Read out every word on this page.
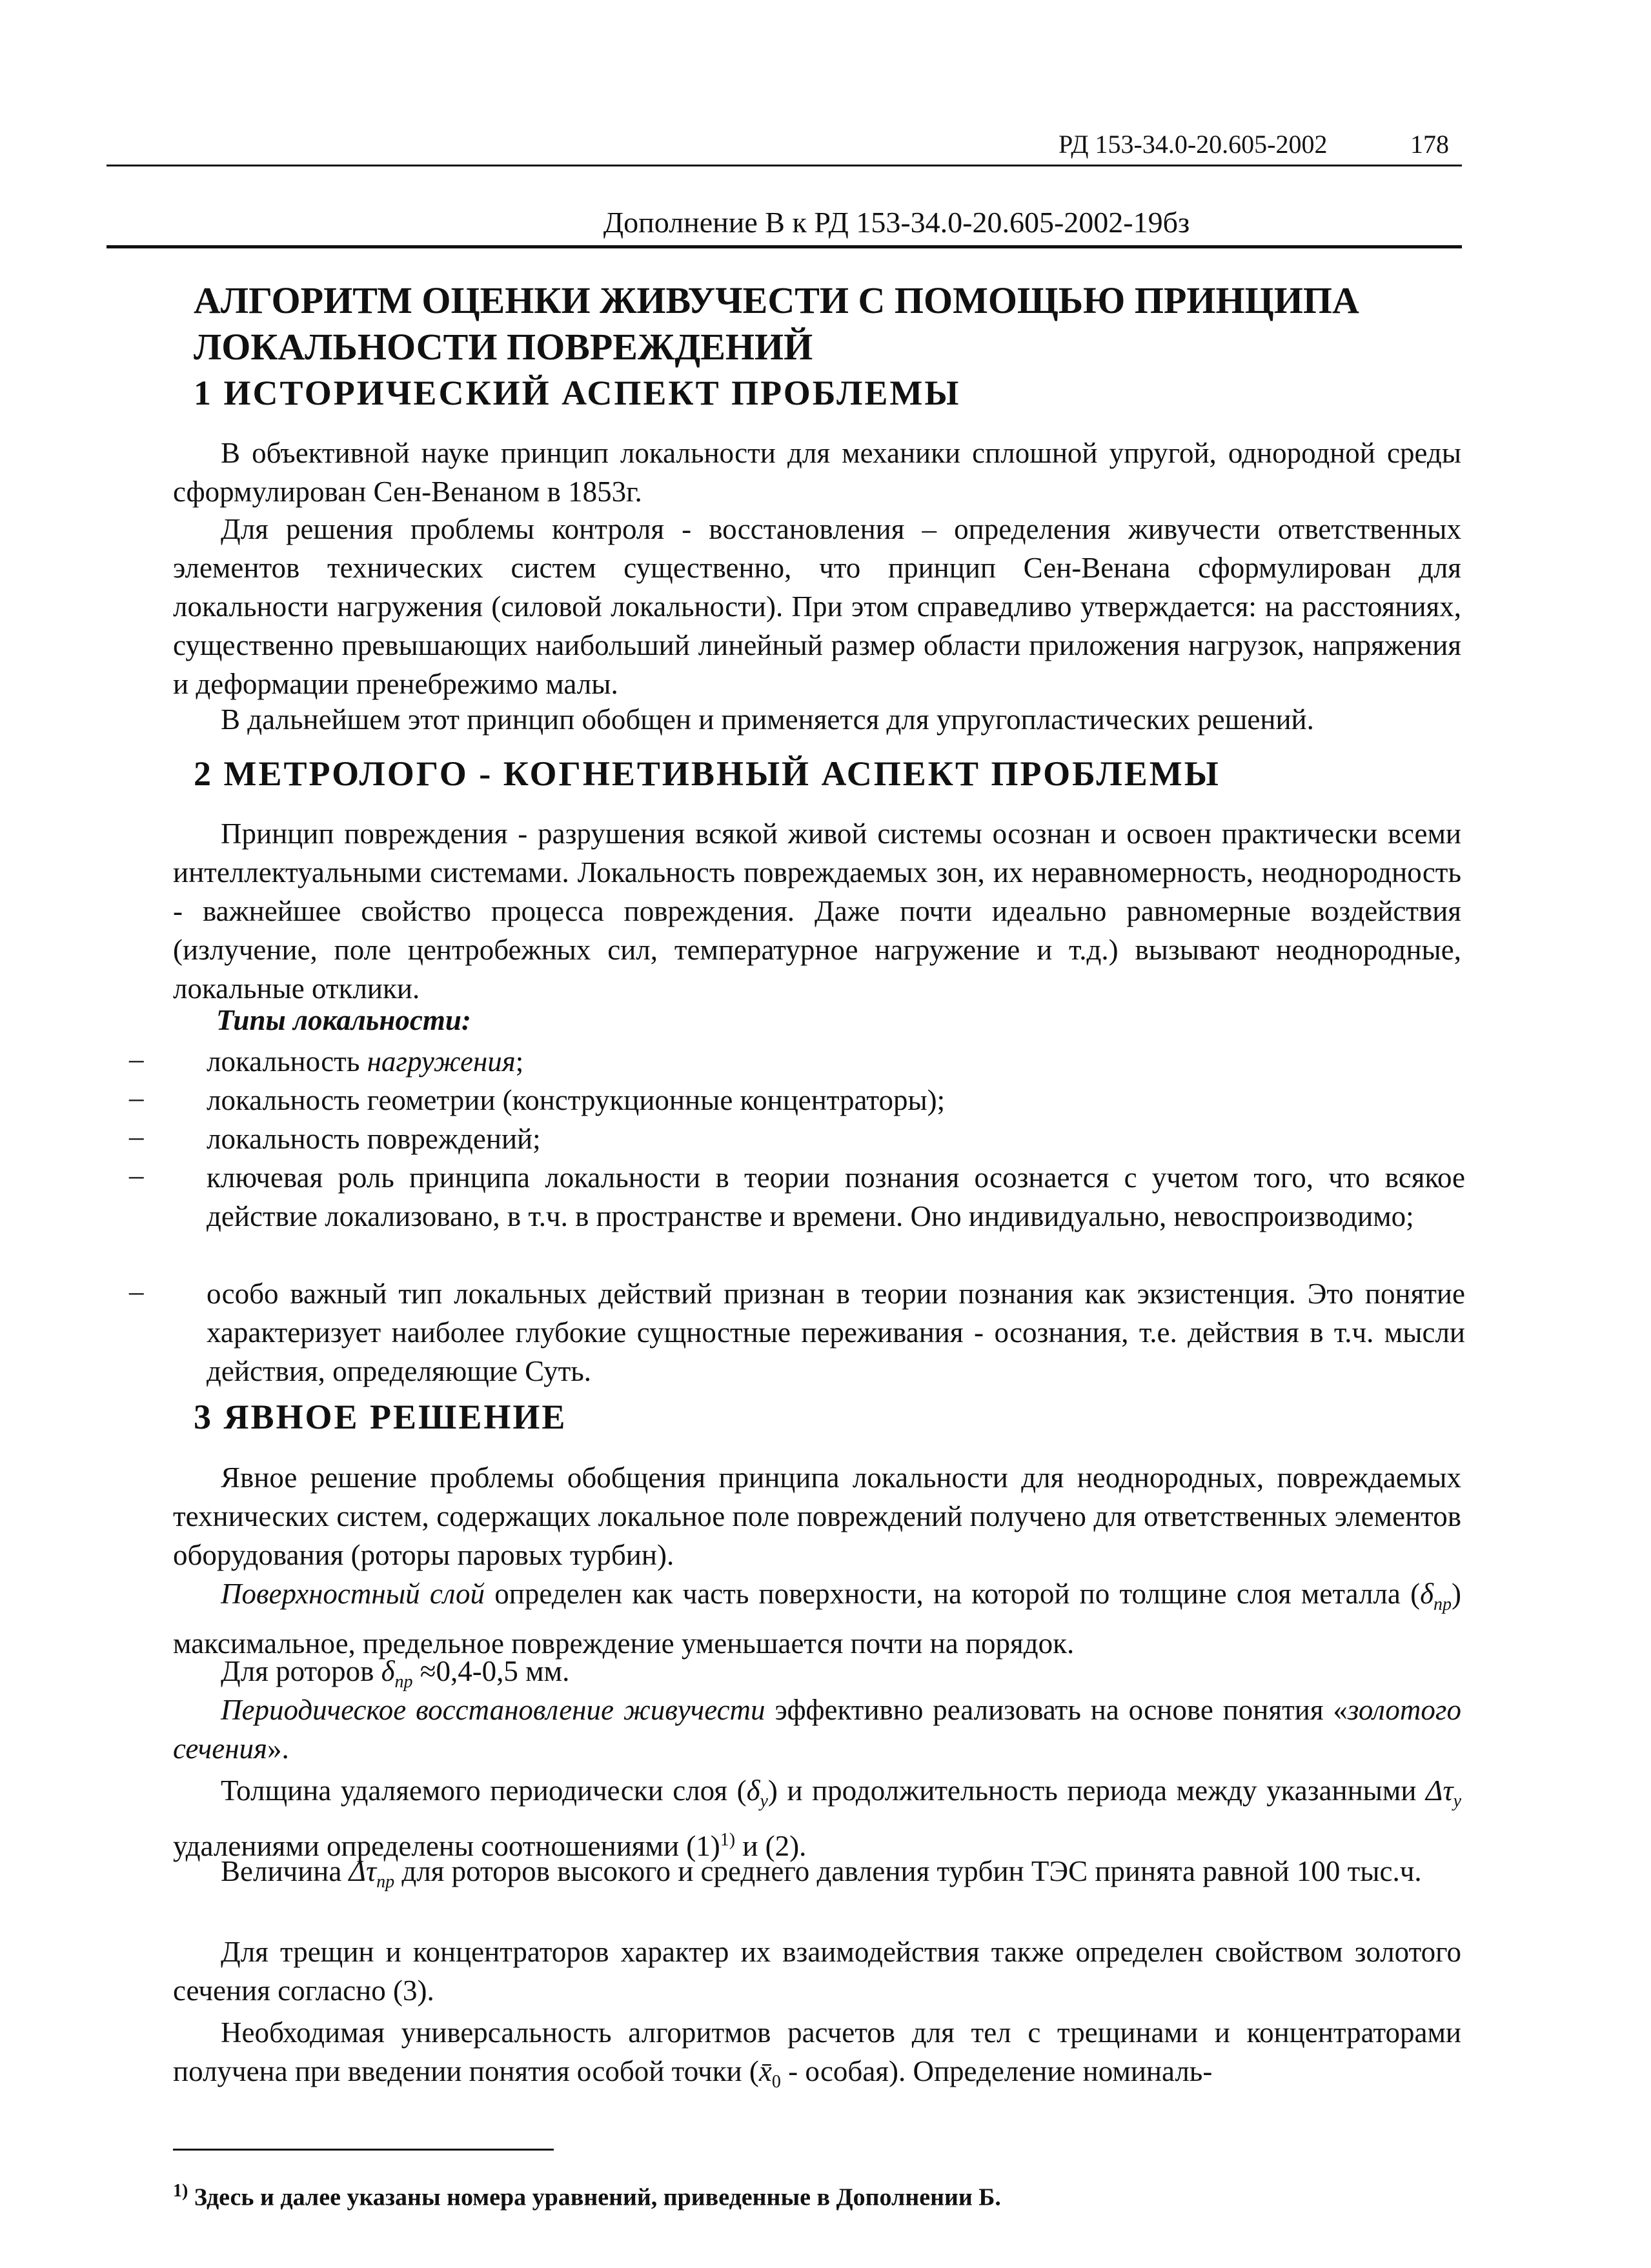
РД 153-34.0-20.605-2002	178
Дополнение В к РД 153-34.0-20.605-2002-19бз
АЛГОРИТМ ОЦЕНКИ ЖИВУЧЕСТИ С ПОМОЩЬЮ ПРИНЦИПА ЛОКАЛЬНОСТИ ПОВРЕЖДЕНИЙ
1 ИСТОРИЧЕСКИЙ АСПЕКТ ПРОБЛЕМЫ

В объективной науке принцип локальности для механики сплошной упругой, однородной среды сформулирован Сен-Венаном в 1853г.

Для решения проблемы контроля - восстановления – определения живучести ответственных элементов технических систем существенно, что принцип Сен-Венана сформулирован для локальности нагружения (силовой локальности). При этом справедливо утверждается: на расстояниях, существенно превышающих наибольший линейный размер области приложения нагрузок, напряжения и деформации пренебрежимо малы.

В дальнейшем этот принцип обобщен и применяется для упругопластических решений.

2 МЕТРОЛОГО - КОГНЕТИВНЫЙ АСПЕКТ ПРОБЛЕМЫ

Принцип повреждения - разрушения всякой живой системы осознан и освоен практически всеми интеллектуальными системами. Локальность повреждаемых зон, их неравномерность, неоднородность - важнейшее свойство процесса повреждения. Даже почти идеально равномерные воздействия (излучение, поле центробежных сил, температурное нагружение и т.д.) вызывают неоднородные, локальные отклики.

Типы локальности:
– локальность нагружения;

– локальность геометрии (конструкционные концентраторы);

– локальность повреждений;

– ключевая роль принципа локальности в теории познания осознается с учетом того, что всякое действие локализовано, в т.ч. в пространстве и времени. Оно индивидуально, невоспроизводимо;

– особо важный тип локальных действий признан в теории познания как экзистенция. Это понятие характеризует наиболее глубокие сущностные переживания - осознания, т.е. действия в т.ч. мысли действия, определяющие Суть.

3 ЯВНОЕ РЕШЕНИЕ

Явное решение проблемы обобщения принципа локальности для неоднородных, повреждаемых технических систем, содержащих локальное поле повреждений получено для ответственных элементов оборудования (роторы паровых турбин).

Поверхностный слой определен как часть поверхности, на которой по толщине слоя металла $(\delta_{пр})$ максимальное, предельное повреждение уменьшается почти на порядок.

Для роторов $\delta_{пр} \approx 0,4-0,5$ мм.

Периодическое восстановление живучести эффективно реализовать на основе понятия «золотого сечения».

Толщина удаляемого периодически слоя $(\delta_у)$ и продолжительность периода между указанными $\Delta\tau_у$ удалениями определены соотношениями $(1)^{1)}$ и (2).

Величина $\Delta\tau_{пр}$ для роторов высокого и среднего давления турбин ТЭС принята равной 100 тыс.ч.

Для трещин и концентраторов характер их взаимодействия также определен свойством золотого сечения согласно (3).

Необходимая универсальность алгоритмов расчетов для тел с трещинами и концентраторами получена при введении понятия особой точки ($x̄_0$ - особая). Определение номиналь-

$^{1)}$ Здесь и далее указаны номера уравнений, приведенные в Дополнении Б.
